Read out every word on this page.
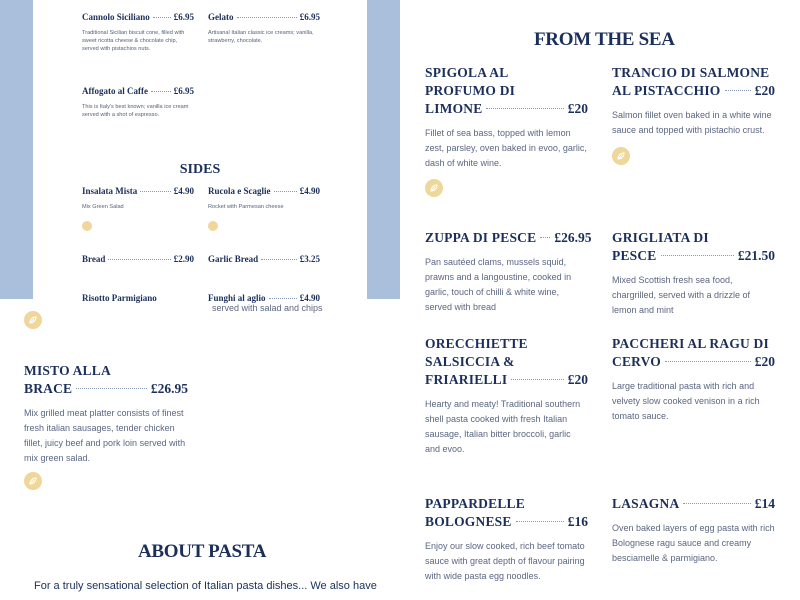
Cannolo Siciliano	£6.95
Traditional Sicilian biscuit cone, filled with sweet ricotta cheese & chocolate chip, served with pistachios nuts.
Gelato	£6.95
Artisanal Italian classic ice creams; vanilla, strawberry, chocolate.
Affogato al Caffe	£6.95
This is Italy's best known; vanilla ice cream served with a shot of espresso.
SIDES
Insalata Mista	£4.90
Mix Green Salad
Rucola e Scaglie	£4.90
Rocket with Parmesan cheese
Bread	£2.90 Garlic Bread	£3.25
Risotto Parmigiano	Funghi al aglio	£4.90
served with salad and chips
MISTO ALLA
BRACE	£26.95
Mix grilled meat platter consists of finest fresh italian sausages, tender chicken fillet, juicy beef and pork loin served with mix green salad.
ABOUT PASTA
For a truly sensational selection of Italian pasta dishes... We also have
FROM THE SEA
SPIGOLA AL
PROFUMO DI
LIMONE	£20
Fillet of sea bass, topped with lemon zest, parsley, oven baked in evoo, garlic, dash of white wine.
TRANCIO DI SALMONE
AL PISTACCHIO	£20
Salmon fillet oven baked in a white wine sauce and topped with pistachio crust.
ZUPPA DI PESCE £26.95
Pan sautéed clams, mussels squid, prawns and a langoustine, cooked in garlic, touch of chilli & white wine, served with bread
GRIGLIATA DI
PESCE	£21.50
Mixed Scottish fresh sea food, chargrilled, served with a drizzle of lemon and mint
ORECCHIETTE
SALSICCIA &
FRIARIELLI	£20
Hearty and meaty! Traditional southern shell pasta cooked with fresh Italian sausage, Italian bitter broccoli, garlic and evoo.
PACCHERI AL RAGU DI
CERVO	£20
Large traditional pasta with rich and velvety slow cooked venison in a rich tomato sauce.
PAPPARDELLE
BOLOGNESE	£16
Enjoy our slow cooked, rich beef tomato sauce with great depth of flavour pairing with wide pasta egg noodles.
LASAGNA	£14
Oven baked layers of egg pasta with rich Bolognese ragu sauce and creamy besciamelle & parmigiano.
